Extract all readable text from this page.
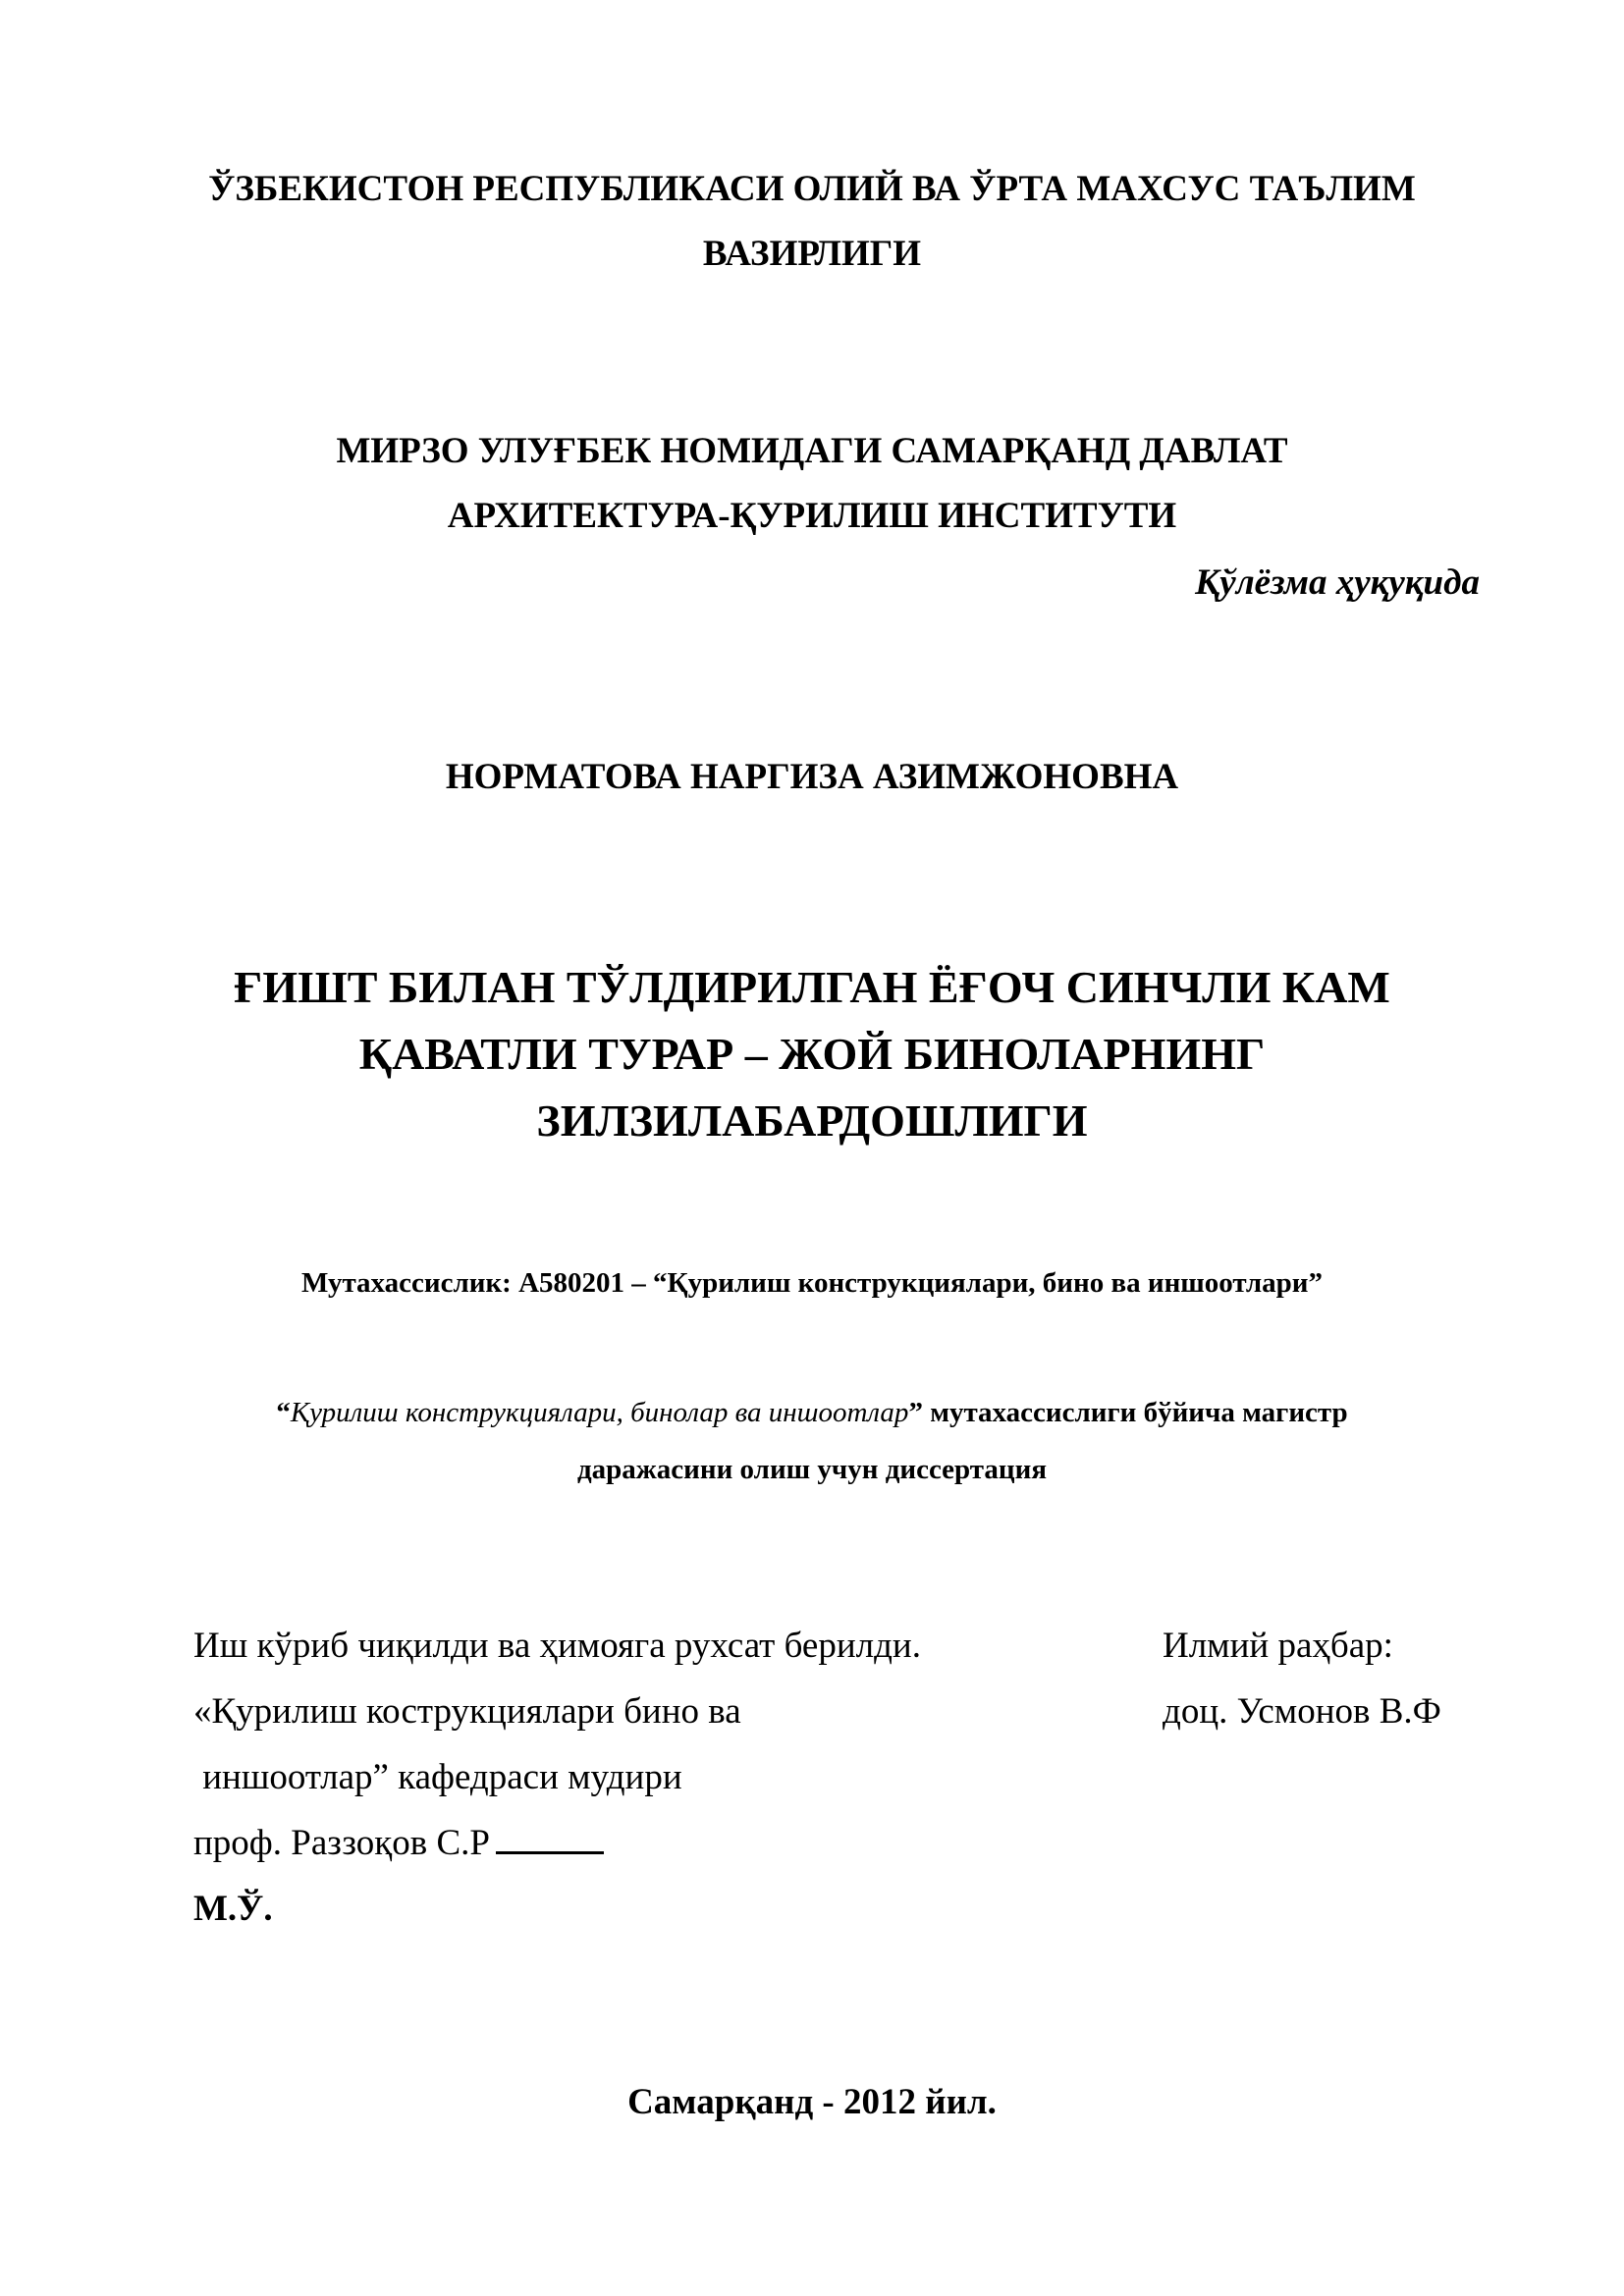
ЎЗБЕКИСТОН РЕСПУБЛИКАСИ ОЛИЙ ВА ЎРТА МАХСУС ТАЪЛИМ
ВАЗИРЛИГИ
МИРЗО УЛУҒБЕК НОМИДАГИ САМАРҚАНД ДАВЛАТ
АРХИТЕКТУРА-ҚУРИЛИШ ИНСТИТУТИ
Қўлёзма ҳуқуқида
НОРМАТОВА НАРГИЗА АЗИМЖОНОВНА
ҒИШТ БИЛАН ТЎЛДИРИЛГАН ЁҒОЧ СИНЧЛИ КАМ
ҚАВАТЛИ ТУРАР – ЖОЙ БИНОЛАРНИНГ
ЗИЛЗИЛАБАРДОШЛИГИ
Мутахассислик: А580201 – “Қурилиш конструкциялари, бино ва иншоотлари”
“Қурилиш конструкциялари, бинолар ва иншоотлар” мутахассислиги бўйича магистр
даражасини олиш учун диссертация
Иш кўриб чиқилди ва ҳимояга рухсат берилди.
«Қурилиш кострукциялари бино ва
иншоотлар” кафедраси мудири
проф. Раззоқов С.Р
М.Ў.
Илмий раҳбар:
доц. Усмонов В.Ф
Самарқанд - 2012 йил.
